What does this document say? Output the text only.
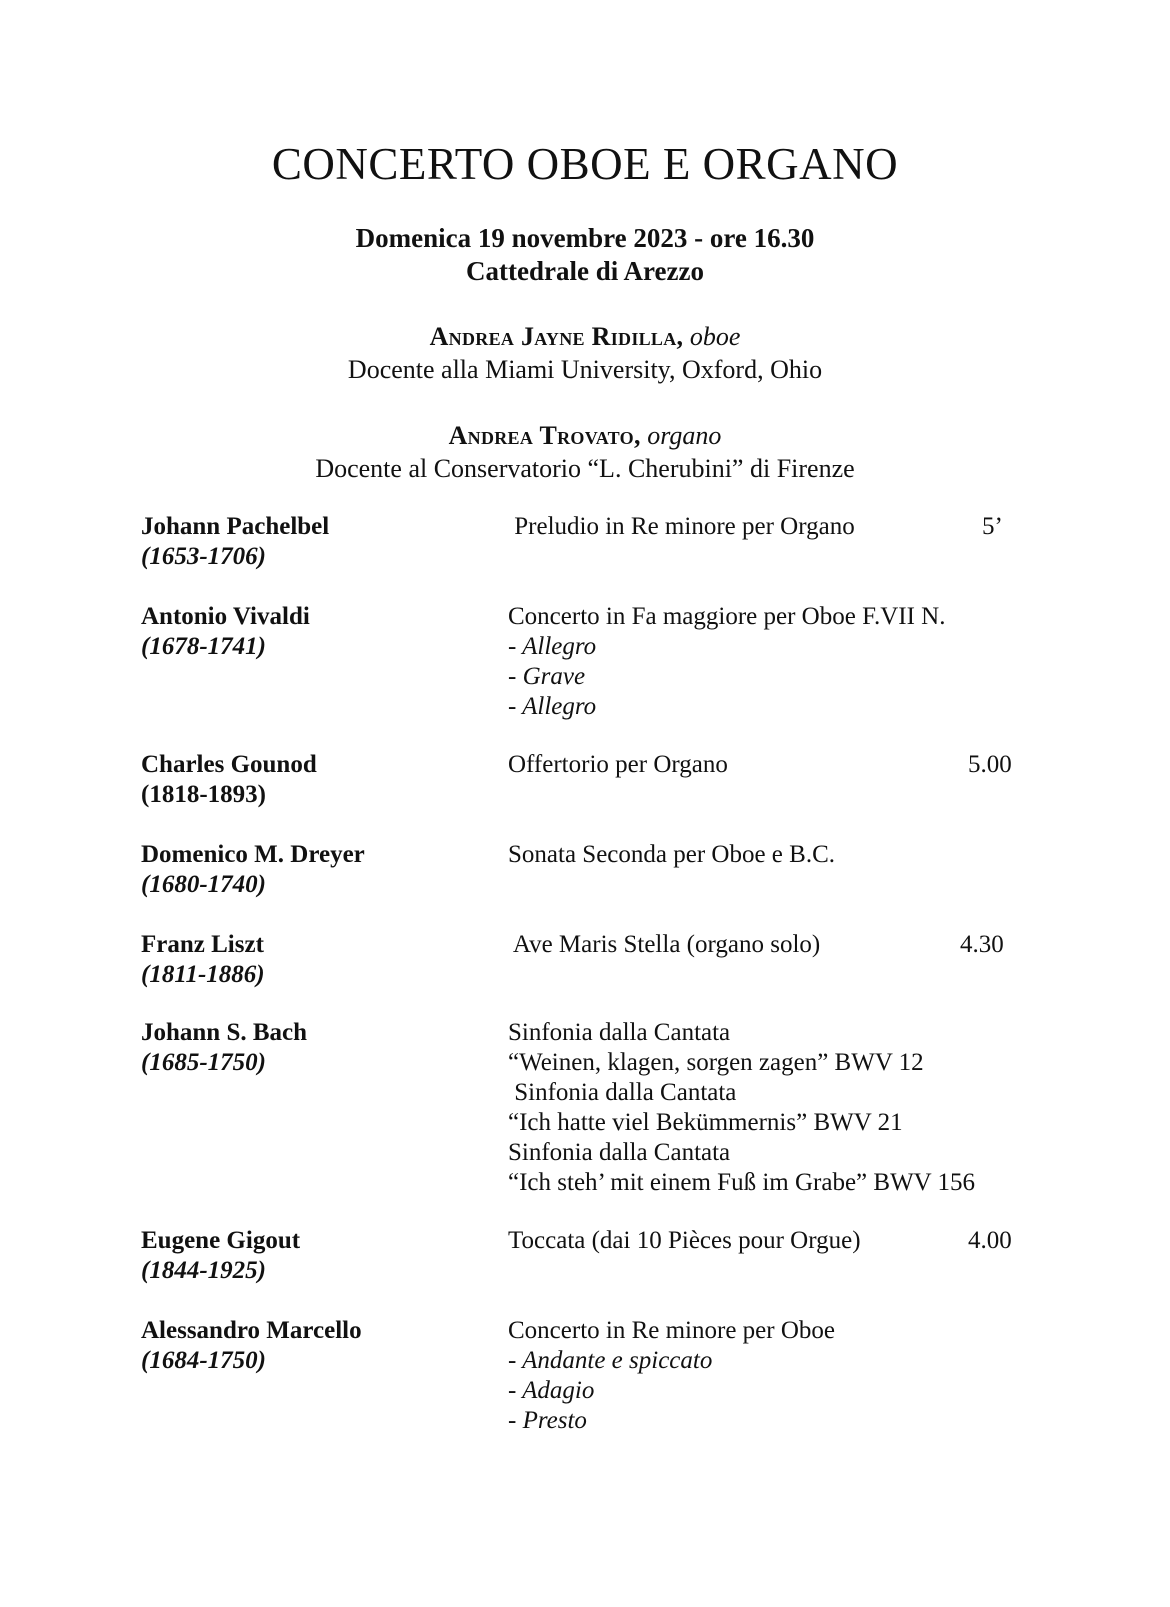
CONCERTO OBOE E ORGANO
Domenica 19 novembre 2023 - ore 16.30
Cattedrale di Arezzo
Andrea Jayne Ridilla, oboe
Docente alla Miami University, Oxford, Ohio
Andrea Trovato, organo
Docente al Conservatorio “L. Cherubini” di Firenze
Johann Pachelbel
(1653-1706)
Preludio in Re minore per Organo	5’
Antonio Vivaldi
(1678-1741)
Concerto in Fa maggiore per Oboe F.VII N.
- Allegro
- Grave
- Allegro
Charles Gounod
(1818-1893)
Offertorio per Organo	5.00
Domenico M. Dreyer
(1680-1740)
Sonata Seconda per Oboe e B.C.
Franz Liszt
(1811-1886)
Ave Maris Stella (organo solo)	4.30
Johann S. Bach
(1685-1750)
Sinfonia dalla Cantata
“Weinen, klagen, sorgen zagen” BWV 12
Sinfonia dalla Cantata
“Ich hatte viel Bekümmernis” BWV 21
Sinfonia dalla Cantata
“Ich steh’ mit einem Fuß im Grabe” BWV 156
Eugene Gigout
(1844-1925)
Toccata (dai 10 Pièces pour Orgue)	4.00
Alessandro Marcello
(1684-1750)
Concerto in Re minore per Oboe
- Andante e spiccato
- Adagio
- Presto
